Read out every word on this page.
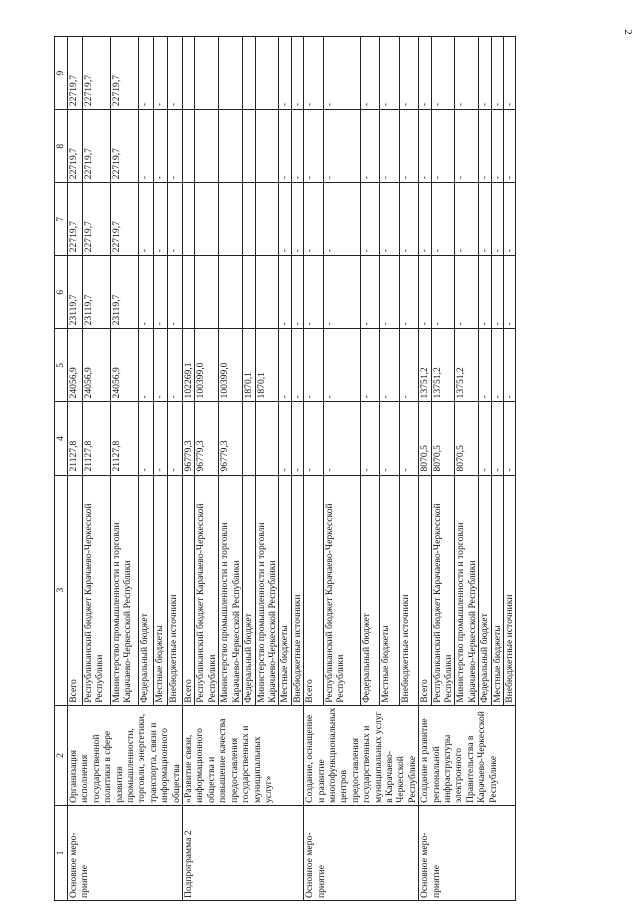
2
1	2	3	4	5	6	7	8	9
Основное меро-приятие	Организация исполнения государственной политики в сфере развития промышленности, торговли, энергетики, транспорта, связи и информационного общества	Всего	21127,8	24056,9	23119,7	22719,7	22719,7	22719,7
		Республиканский бюджет Карачаево-Черкесской Республики	21127,8	24056,9	23119,7	22719,7	22719,7	22719,7
		Министерство промышленности и торговли Карачаево-Черкесской Республики	21127,8	24056,9	23119,7	22719,7	22719,7	22719,7
		Федеральный бюджет	-	-	-	-	-	-
		Местные бюджеты	-	-	-	-	-	-
		Внебюджетные источники	-	-	-	-	-	-
Подпрограмма 2	«Развитие связи, информационного общества и повышение качества предоставления государственных и муниципальных услуг»	Всего	96779,3	102269,1				
		Республиканский бюджет Карачаево-Черкесской Республики	96779,3	100399,0				
		Министерство промышленности и торговли Карачаево-Черкесской Республики	96779,3	100399,0				
		Федеральный бюджет		1870,1				
		Министерство промышленности и торговли Карачаево-Черкесской Республики		1870,1				
		Местные бюджеты	-	-	-	-	-	-
		Внебюджетные источники	-	-	-	-	-	-
Основное меро-приятие	Создание, оснащение и развитие многофункциональных центров предоставления государственных и муниципальных услуг в Карачаево-Черкесской Республике	Всего	-	-	-	-	-	-
		Республиканский бюджет Карачаево-Черкесской Республики	-	-	-	-	-	-
		Федеральный бюджет	-	-	-	-	-	-
		Местные бюджеты	-	-	-	-	-	-
		Внебюджетные источники	-	-	-	-	-	-
Основное меро-приятие	Создание и развитие региональной инфраструктуры электронного Правительства в Карачаево-Черкесской Республике	Всего	8070,5	13751,2	-	-	-	-
		Республиканский бюджет Карачаево-Черкесской Республики	8070,5	13751,2	-	-	-	-
		Министерство промышленности и торговли Карачаево-Черкесской Республики	8070,5	13751,2	-	-	-	-
		Федеральный бюджет	-	-	-	-	-	-
		Местные бюджеты	-	-	-	-	-	-
		Внебюджетные источники	-	-	-	-	-	-
